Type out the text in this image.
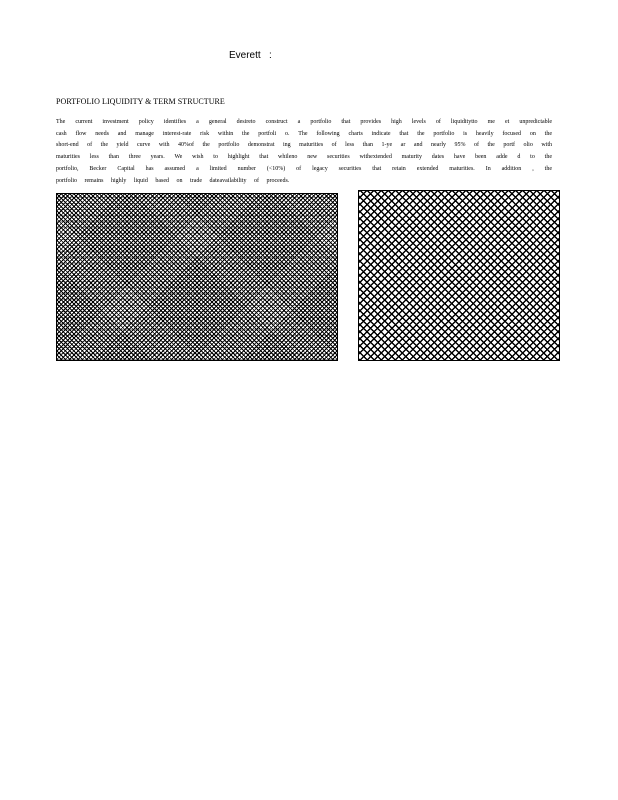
Everett   :
PORTFOLIO LIQUIDITY & TERM STRUCTURE
The current investment policy identifies a general desireto construct a portfolio that provides high levels of liquiditytto me et unpredictable
cash flow needs and manage interest-rate risk within the portfoli o. The following charts indicate that the portfolio is heavily focused on the
short-end of the yield curve with 40%of the portfolio demonstrat ing maturities of less than 1-ye ar and nearly 95% of the portf olio with
maturities less than three years. We wish to highlight that whileno new securities withextended maturity dates have been adde d to the
portfolio, Becker Capital has assumed a limited number (<10%) of legacy securities that retain extended maturities. In addition , the
portfolio remains highly liquid based on trade dateavailability of proceeds.
